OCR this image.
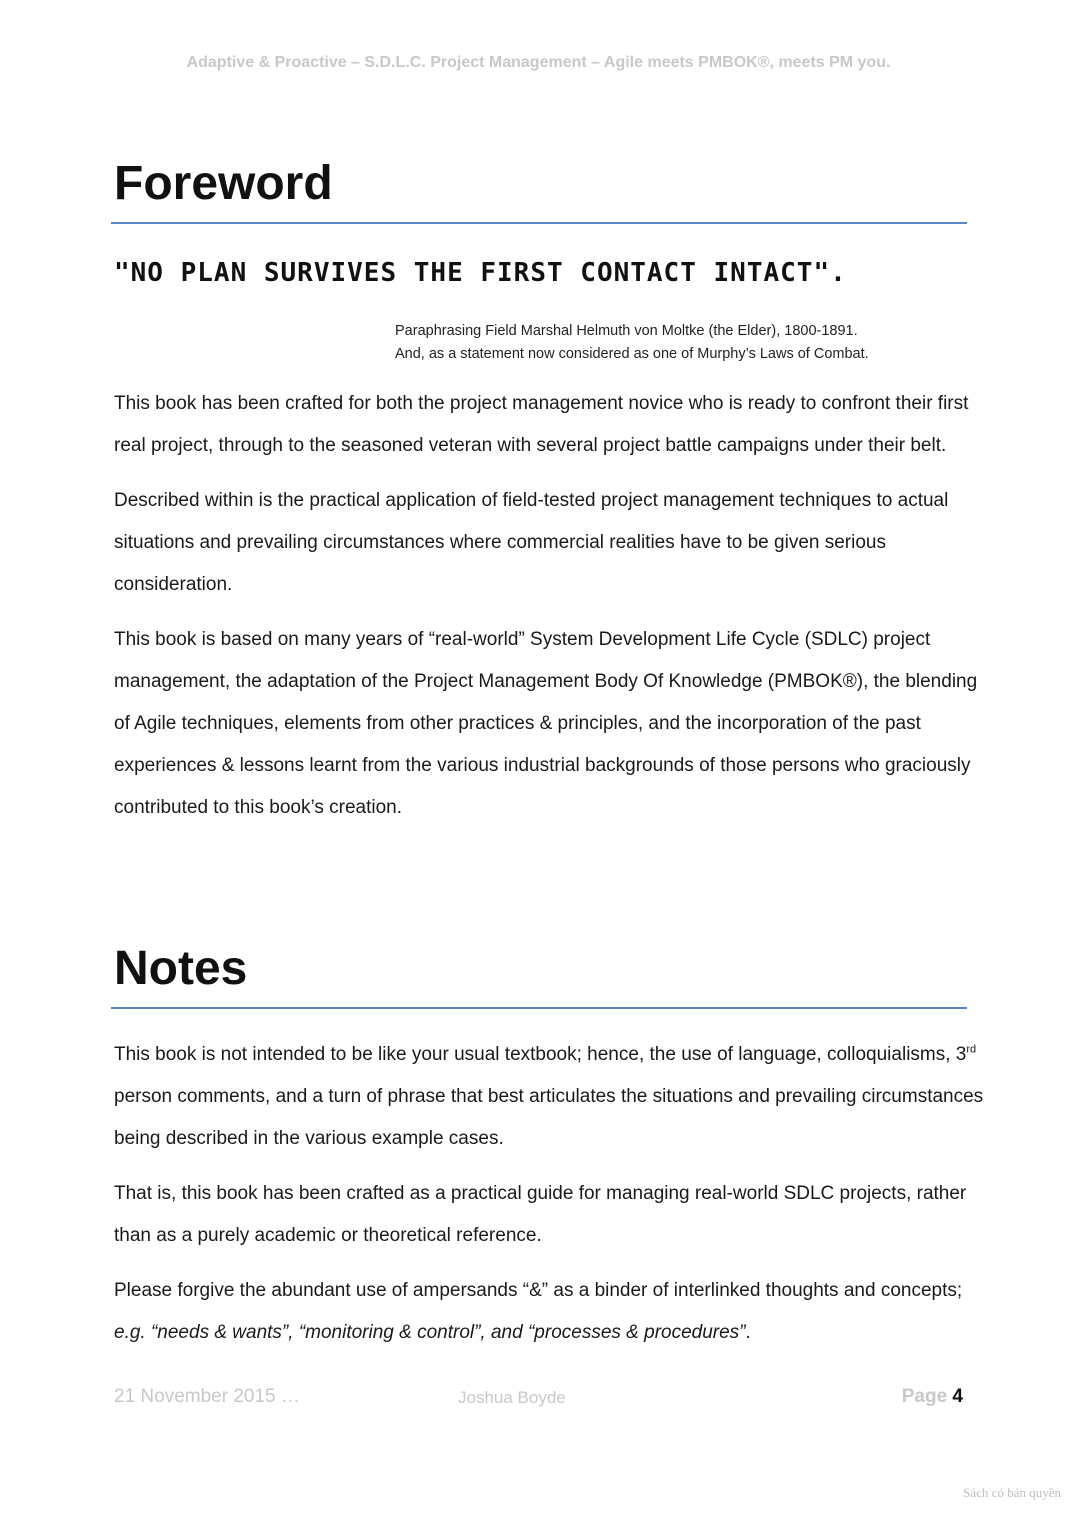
Adaptive & Proactive – S.D.L.C. Project Management – Agile meets PMBOK®, meets PM you.
Foreword

"NO PLAN SURVIVES THE FIRST CONTACT INTACT".

Paraphrasing Field Marshal Helmuth von Moltke (the Elder), 1800-1891.
And, as a statement now considered as one of Murphy’s Laws of Combat.

This book has been crafted for both the project management novice who is ready to confront their first real project, through to the seasoned veteran with several project battle campaigns under their belt.

Described within is the practical application of field-tested project management techniques to actual situations and prevailing circumstances where commercial realities have to be given serious consideration.

This book is based on many years of “real-world” System Development Life Cycle (SDLC) project management, the adaptation of the Project Management Body Of Knowledge (PMBOK®), the blending of Agile techniques, elements from other practices & principles, and the incorporation of the past experiences & lessons learnt from the various industrial backgrounds of those persons who graciously contributed to this book’s creation.

Notes

This book is not intended to be like your usual textbook; hence, the use of language, colloquialisms, 3rd person comments, and a turn of phrase that best articulates the situations and prevailing circumstances being described in the various example cases.

That is, this book has been crafted as a practical guide for managing real-world SDLC projects, rather than as a purely academic or theoretical reference.

Please forgive the abundant use of ampersands “&” as a binder of interlinked thoughts and concepts; e.g. “needs & wants”, “monitoring & control”, and “processes & procedures”.

21 November 2015 …	Joshua Boyde	Page 4
Sách có bản quyền
